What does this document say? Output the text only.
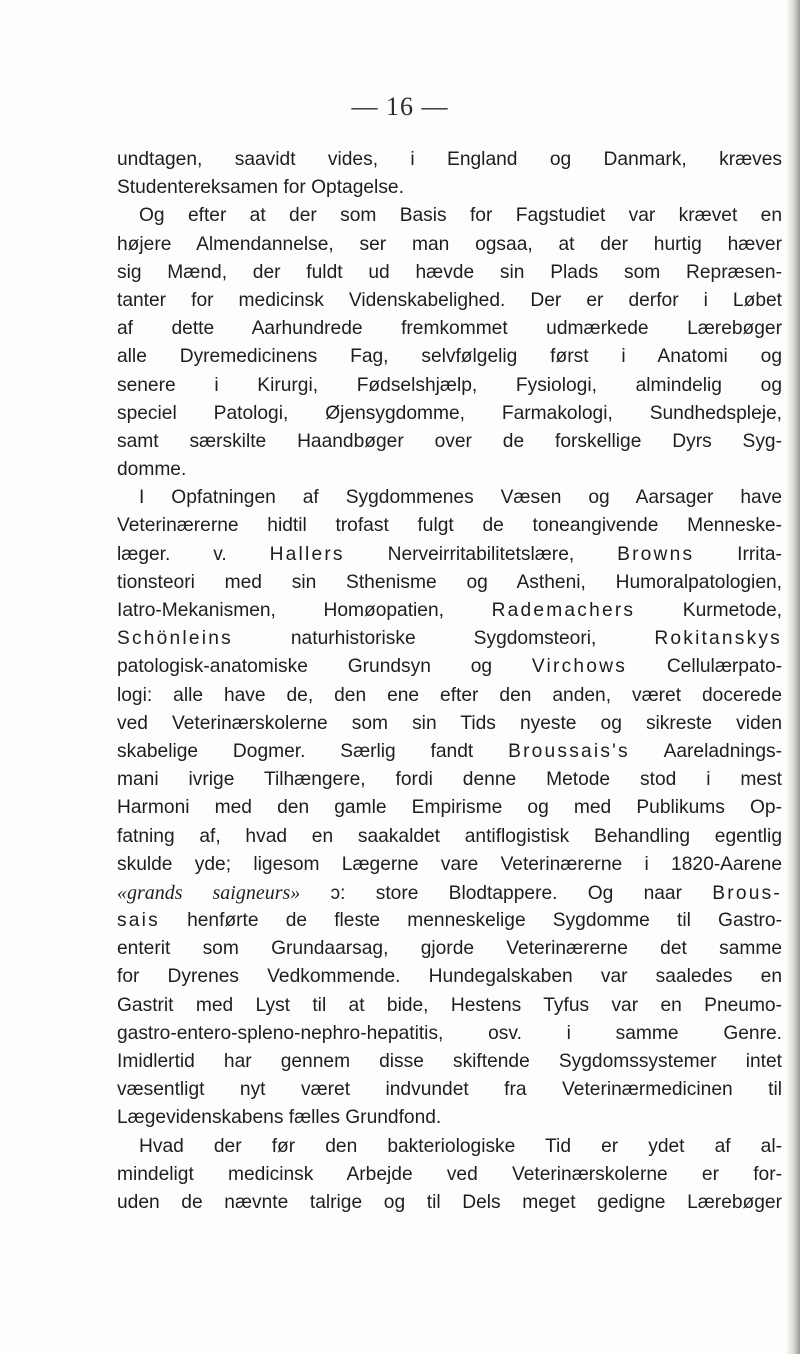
— 16 —
undtagen, saavidt vides, i England og Danmark, kræves
Studentereksamen for Optagelse.
Og efter at der som Basis for Fagstudiet var krævet en
højere Almendannelse, ser man ogsaa, at der hurtig hæver
sig Mænd, der fuldt ud hævde sin Plads som Repræsen-
tanter for medicinsk Videnskabelighed. Der er derfor i Løbet
af dette Aarhundrede fremkommet udmærkede Lærebøger
alle Dyremedicinens Fag, selvfølgelig først i Anatomi og
senere i Kirurgi, Fødselshjælp, Fysiologi, almindelig og
speciel Patologi, Øjensygdomme, Farmakologi, Sundhedspleje,
samt særskilte Haandbøger over de forskellige Dyrs Syg-
domme.
I Opfatningen af Sygdommenes Væsen og Aarsager have
Veterinærerne hidtil trofast fulgt de toneangivende Menneske-
læger. v. Hallers Nerveirritabilitetslære, Browns Irrita-
tionsteori med sin Sthenisme og Astheni, Humoralpatologien,
Iatro-Mekanismen, Homøopatien, Rademachers Kurmetode,
Schönleins	naturhistoriske Sygdomsteori,	Rokitanskys
patologisk-anatomiske Grundsyn og Virchows Cellulærpato-
logi: alle have de, den ene efter den anden, været docerede
ved Veterinærskolerne som sin Tids nyeste og sikreste viden
skabelige Dogmer. Særlig fandt Broussais's Aareladnings-
mani ivrige Tilhængere, fordi denne Metode stod i mest
Harmoni med den gamle Empirisme og med Publikums Op-
fatning af, hvad en saakaldet antiflogistisk Behandling egentlig
skulde yde; ligesom Lægerne vare Veterinærerne i 1820-Aarene
«grands saigneurs» ɔ: store Blodtappere. Og naar Brous-
sais henførte de fleste menneskelige Sygdomme til Gastro-
enterit som Grundaarsag, gjorde Veterinærerne det samme
for Dyrenes Vedkommende. Hundegalskaben var saaledes en
Gastrit med Lyst til at bide, Hestens Tyfus var en Pneumo-
gastro-entero-spleno-nephro-hepatitis, osv. i samme Genre.
Imidlertid har gennem disse skiftende Sygdomssystemer intet
væsentligt nyt været indvundet fra Veterinærmedicinen til
Lægevidenskabens fælles Grundfond.
Hvad der før den bakteriologiske Tid er ydet af al-
mindeligt medicinsk Arbejde ved Veterinærskolerne er for-
uden de nævnte talrige og til Dels meget gedigne Lærebøger
